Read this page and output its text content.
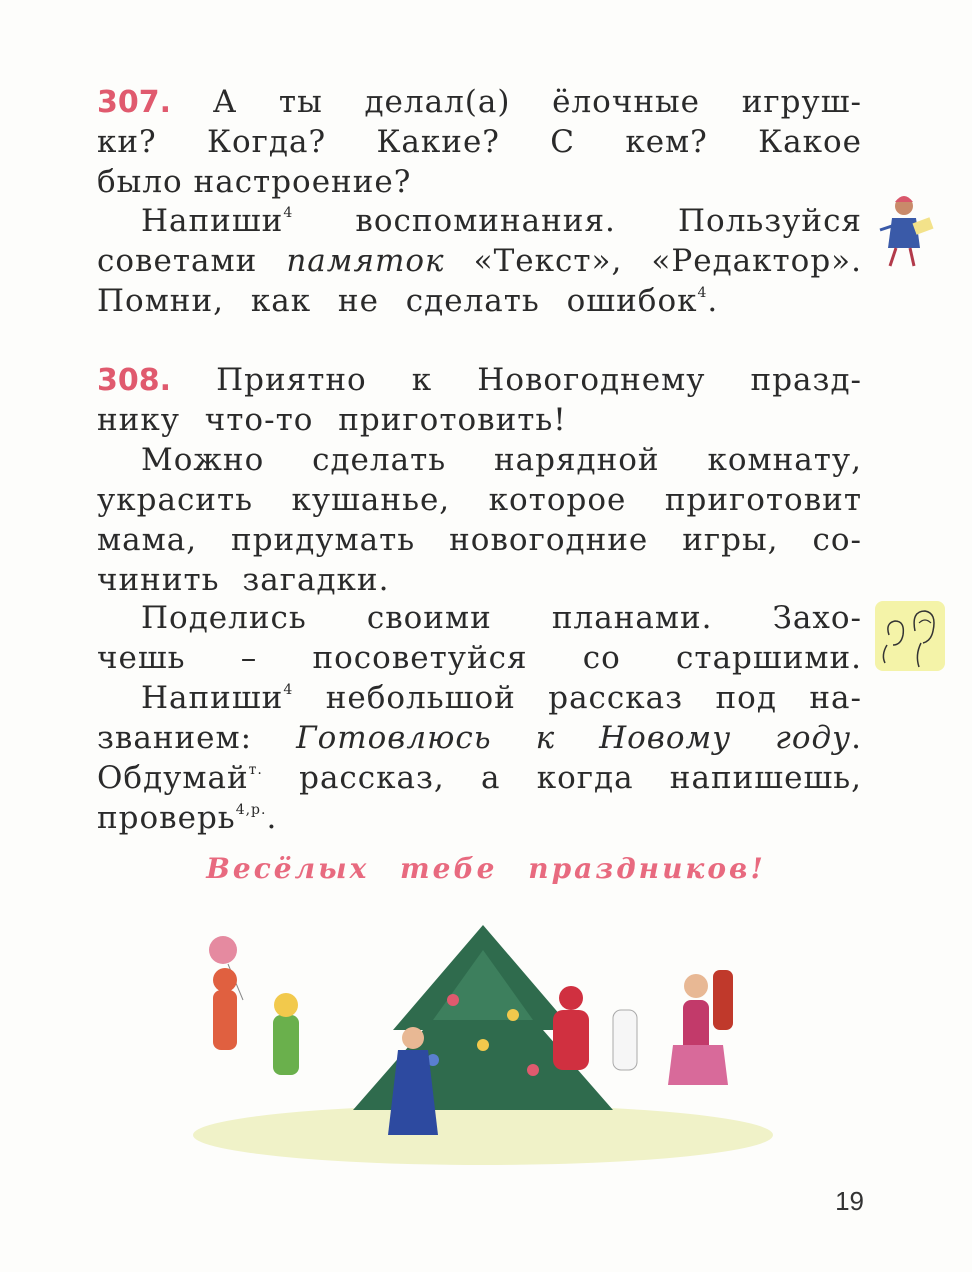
307. А ты делал(а) ёлочные игруш-
ки? Когда? Какие? С кем? Какое
было настроение?
Напиши$^4$ воспоминания. Пользуйся
советами памяток «Текст», «Редактор».
Помни, как не сделать ошибок$^4$.
308. Приятно к Новогоднему празд-
нику что-то приготовить!
Можно сделать нарядной комнату,
украсить кушанье, которое приготовит
мама, придумать новогодние игры, со-
чинить загадки.
Поделись своими планами. Захо-
чешь – посоветуйся со старшими.
Напиши$^4$ небольшой рассказ под на-
званием: Готовлюсь к Новому году.
Обдумай$^{т.}$ рассказ, а когда напишешь,
проверь$^{4,р.}$.
Весёлых тебе праздников!
19
